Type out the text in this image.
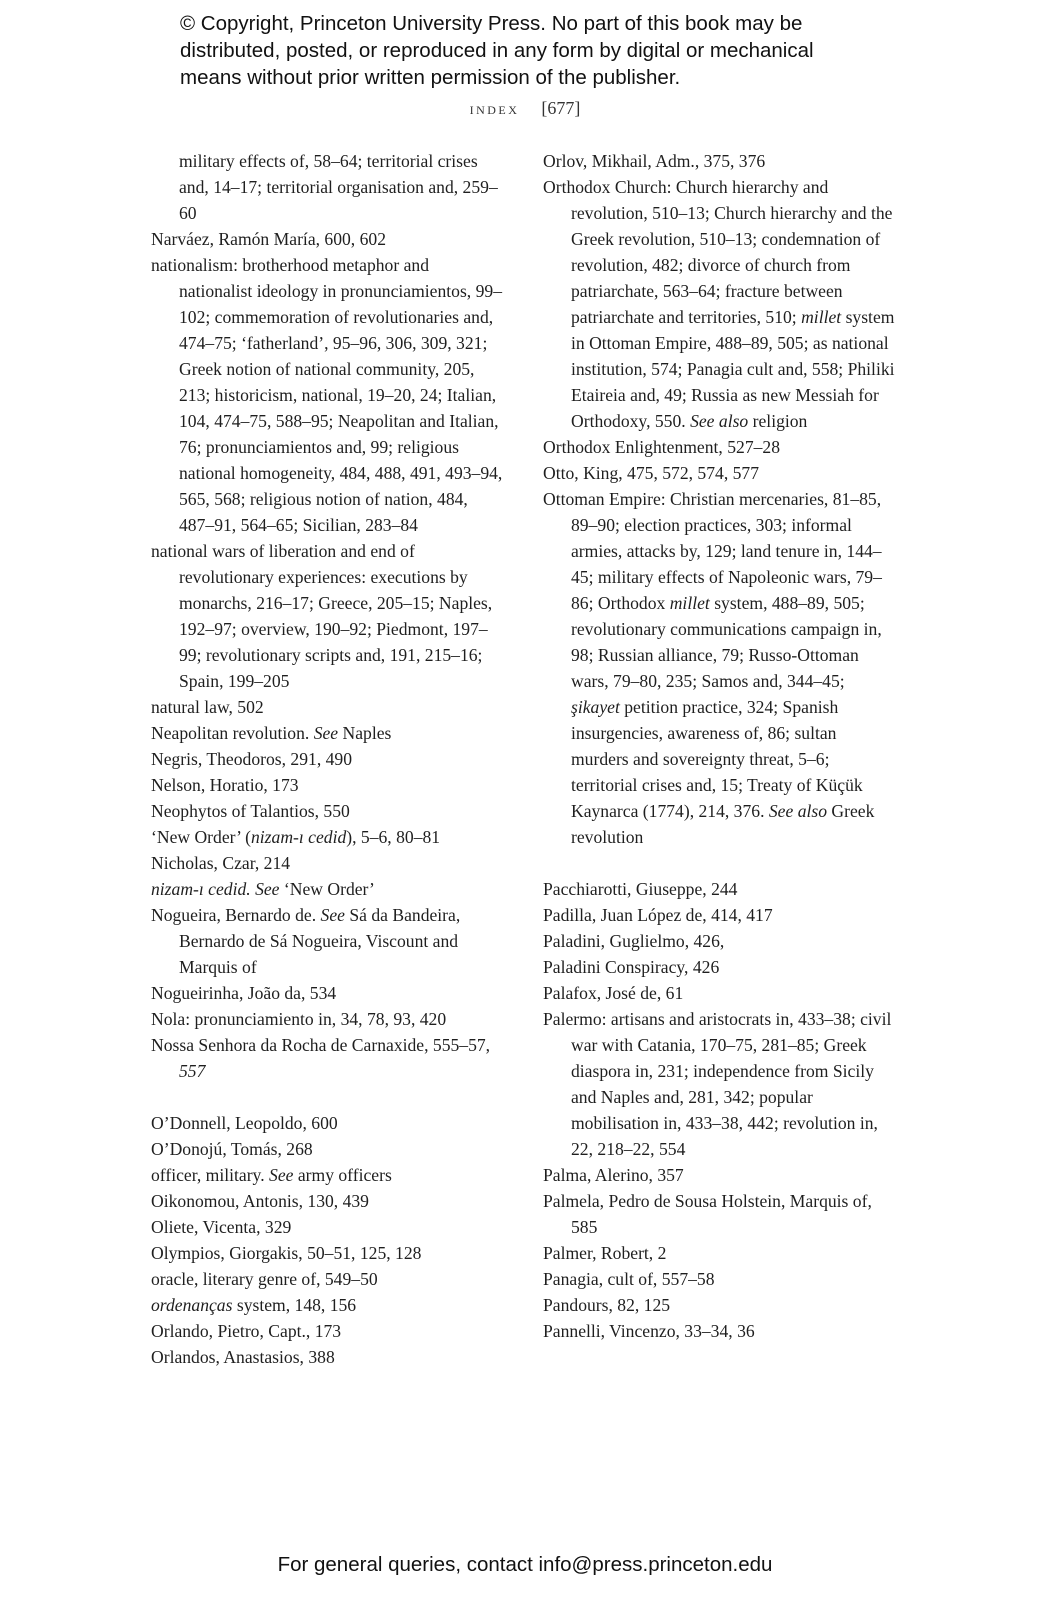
© Copyright, Princeton University Press. No part of this book may be
distributed, posted, or reproduced in any form by digital or mechanical
means without prior written permission of the publisher.
index [677]
military effects of, 58–64; territorial crises and, 14–17; territorial organisation and, 259–60
Narváez, Ramón María, 600, 602
nationalism: brotherhood metaphor and nationalist ideology in pronunciamientos, 99–102; commemoration of revolutionaries and, 474–75; ‘fatherland’, 95–96, 306, 309, 321; Greek notion of national community, 205, 213; historicism, national, 19–20, 24; Italian, 104, 474–75, 588–95; Neapolitan and Italian, 76; pronunciamientos and, 99; religious national homogeneity, 484, 488, 491, 493–94, 565, 568; religious notion of nation, 484, 487–91, 564–65; Sicilian, 283–84
national wars of liberation and end of revolutionary experiences: executions by monarchs, 216–17; Greece, 205–15; Naples, 192–97; overview, 190–92; Piedmont, 197–99; revolutionary scripts and, 191, 215–16; Spain, 199–205
natural law, 502
Neapolitan revolution. See Naples
Negris, Theodoros, 291, 490
Nelson, Horatio, 173
Neophytos of Talantios, 550
‘New Order’ (nizam-ı cedid), 5–6, 80–81
Nicholas, Czar, 214
nizam-ı cedid. See ‘New Order’
Nogueira, Bernardo de. See Sá da Bandeira, Bernardo de Sá Nogueira, Viscount and Marquis of
Nogueirinha, João da, 534
Nola: pronunciamiento in, 34, 78, 93, 420
Nossa Senhora da Rocha de Carnaxide, 555–57, 557
O’Donnell, Leopoldo, 600
O’Donojú, Tomás, 268
officer, military. See army officers
Oikonomou, Antonis, 130, 439
Oliete, Vicenta, 329
Olympios, Giorgakis, 50–51, 125, 128
oracle, literary genre of, 549–50
ordenanças system, 148, 156
Orlando, Pietro, Capt., 173
Orlandos, Anastasios, 388
Orlov, Mikhail, Adm., 375, 376
Orthodox Church: Church hierarchy and revolution, 510–13; Church hierarchy and the Greek revolution, 510–13; condemnation of revolution, 482; divorce of church from patriarchate, 563–64; fracture between patriarchate and territories, 510; millet system in Ottoman Empire, 488–89, 505; as national institution, 574; Panagia cult and, 558; Philiki Etaireia and, 49; Russia as new Messiah for Orthodoxy, 550. See also religion
Orthodox Enlightenment, 527–28
Otto, King, 475, 572, 574, 577
Ottoman Empire: Christian mercenaries, 81–85, 89–90; election practices, 303; informal armies, attacks by, 129; land tenure in, 144–45; military effects of Napoleonic wars, 79–86; Orthodox millet system, 488–89, 505; revolutionary communications campaign in, 98; Russian alliance, 79; Russo-Ottoman wars, 79–80, 235; Samos and, 344–45; şikayet petition practice, 324; Spanish insurgencies, awareness of, 86; sultan murders and sovereignty threat, 5–6; territorial crises and, 15; Treaty of Küçük Kaynarca (1774), 214, 376. See also Greek revolution
Pacchiarotti, Giuseppe, 244
Padilla, Juan López de, 414, 417
Paladini, Guglielmo, 426,
Paladini Conspiracy, 426
Palafox, José de, 61
Palermo: artisans and aristocrats in, 433–38; civil war with Catania, 170–75, 281–85; Greek diaspora in, 231; independence from Sicily and Naples and, 281, 342; popular mobilisation in, 433–38, 442; revolution in, 22, 218–22, 554
Palma, Alerino, 357
Palmela, Pedro de Sousa Holstein, Marquis of, 585
Palmer, Robert, 2
Panagia, cult of, 557–58
Pandours, 82, 125
Pannelli, Vincenzo, 33–34, 36
For general queries, contact info@press.princeton.edu
